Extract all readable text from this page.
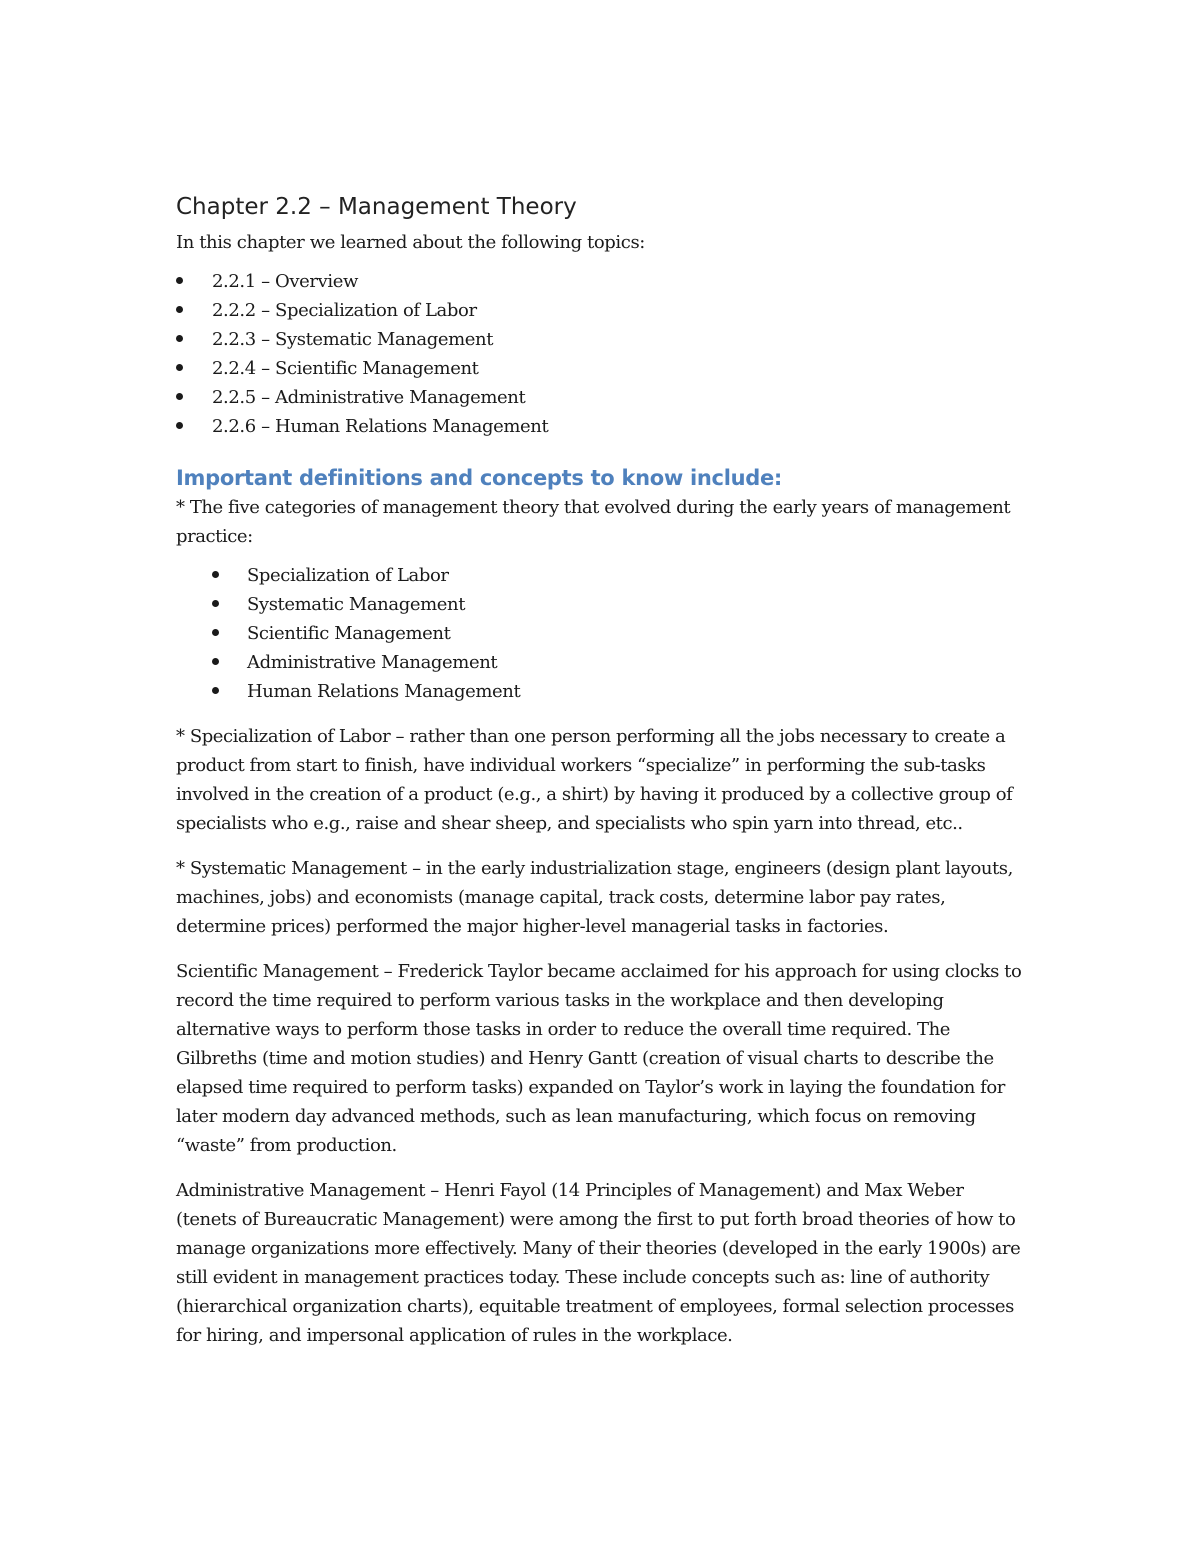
Chapter 2.2 – Management Theory

In this chapter we learned about the following topics:

2.2.1 – Overview
2.2.2 – Specialization of Labor
2.2.3 – Systematic Management
2.2.4 – Scientific Management
2.2.5 – Administrative Management
2.2.6 – Human Relations Management
Important definitions and concepts to know include:

* The five categories of management theory that evolved during the early years of management practice:

Specialization of Labor
Systematic Management
Scientific Management
Administrative Management
Human Relations Management

* Specialization of Labor – rather than one person performing all the jobs necessary to create a product from start to finish, have individual workers “specialize” in performing the sub-tasks involved in the creation of a product (e.g., a shirt) by having it produced by a collective group of specialists who e.g., raise and shear sheep, and specialists who spin yarn into thread, etc..

* Systematic Management – in the early industrialization stage, engineers (design plant layouts, machines, jobs) and economists (manage capital, track costs, determine labor pay rates, determine prices) performed the major higher-level managerial tasks in factories.

Scientific Management – Frederick Taylor became acclaimed for his approach for using clocks to record the time required to perform various tasks in the workplace and then developing alternative ways to perform those tasks in order to reduce the overall time required. The Gilbreths (time and motion studies) and Henry Gantt (creation of visual charts to describe the elapsed time required to perform tasks) expanded on Taylor’s work in laying the foundation for later modern day advanced methods, such as lean manufacturing, which focus on removing “waste” from production.

Administrative Management – Henri Fayol (14 Principles of Management) and Max Weber (tenets of Bureaucratic Management) were among the first to put forth broad theories of how to manage organizations more effectively. Many of their theories (developed in the early 1900s) are still evident in management practices today. These include concepts such as: line of authority (hierarchical organization charts), equitable treatment of employees, formal selection processes for hiring, and impersonal application of rules in the workplace.
